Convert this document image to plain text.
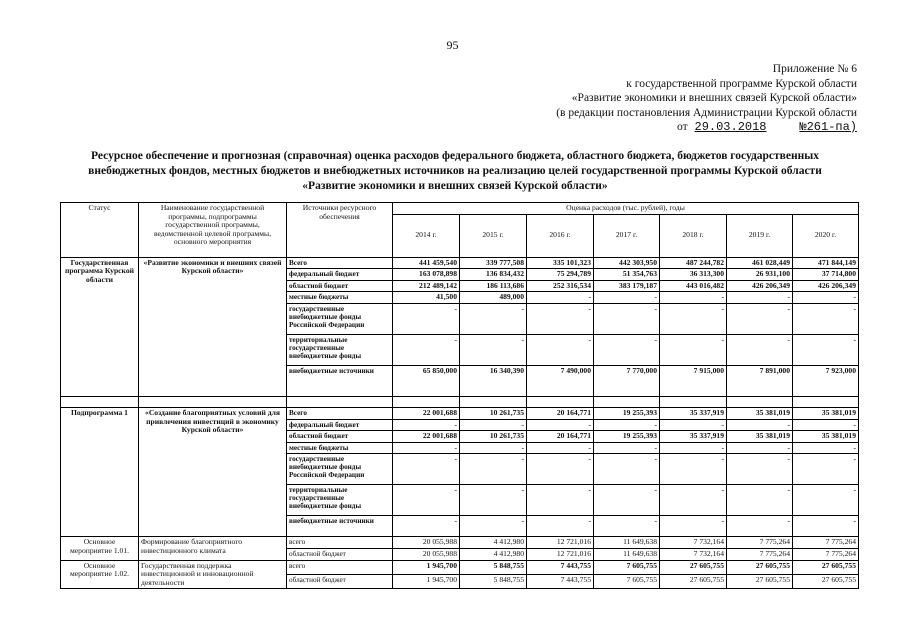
95
Приложение № 6
к государственной программе Курской области
«Развитие экономики и внешних связей Курской области»
(в редакции постановления Администрации Курской области
от 29.03.2018	№261-па)
Ресурсное обеспечение и прогнозная (справочная) оценка расходов федерального бюджета, областного бюджета, бюджетов государственных внебюджетных фондов, местных бюджетов и внебюджетных источников на реализацию целей государственной программы Курской области «Развитие экономики и внешних связей Курской области»
Статус	Наименование государственной программы, подпрограммы государственной программы, ведомственной целевой программы, основного мероприятия	Источники ресурсного обеспечения	Оценка расходов (тыс. рублей), годы						
			2014 г.	2015 г.	2016 г.	2017 г.	2018 г.	2019 г.	2020 г.
Государственная программа Курской области	«Развитие экономики и внешних связей Курской области»	Всего	441 459,540	339 777,508	335 101,323	442 303,950	487 244,782	461 028,449	471 844,149
		федеральный бюджет	163 078,898	136 834,432	75 294,789	51 354,763	36 313,300	26 931,100	37 714,800
		областной бюджет	212 489,142	186 113,686	252 316,534	383 179,187	443 016,482	426 206,349	426 206,349
		местные бюджеты	41,500	489,000	-	-	-	-	-
		государственные внебюджетные фонды Российской Федерации	-	-	-	-	-	-	-
		территориальные государственные внебюджетные фонды	-	-	-	-	-	-	-
		внебюджетные источники	65 850,000	16 340,390	7 490,000	7 770,000	7 915,000	7 891,000	7 923,000

Подпрограмма 1	«Создание благоприятных условий для привлечения инвестиций в экономику Курской области»	Всего	22 001,688	10 261,735	20 164,771	19 255,393	35 337,919	35 381,019	35 381,019
		федеральный бюджет	-	-	-	-	-	-	-
		областной бюджет	22 001,688	10 261,735	20 164,771	19 255,393	35 337,919	35 381,019	35 381,019
		местные бюджеты	-	-	-	-	-	-	-
		государственные внебюджетные фонды Российской Федерации	-	-	-	-	-	-	-
		территориальные государственные внебюджетные фонды	-	-	-	-	-	-	-
		внебюджетные источники	-	-	-	-	-	-	-
Основное мероприятие 1.01.	Формирование благоприятного инвестиционного климата	всего	20 055,988	4 412,980	12 721,016	11 649,638	7 732,164	7 775,264	7 775,264
		областной бюджет	20 055,988	4 412,980	12 721,016	11 649,638	7 732,164	7 775,264	7 775,264
Основное мероприятие 1.02.	Государственная поддержка инвестиционной и инновационной деятельности	всего	1 945,700	5 848,755	7 443,755	7 605,755	27 605,755	27 605,755	27 605,755
		областной бюджет	1 945,700	5 848,755	7 443,755	7 605,755	27 605,755	27 605,755	27 605,755
